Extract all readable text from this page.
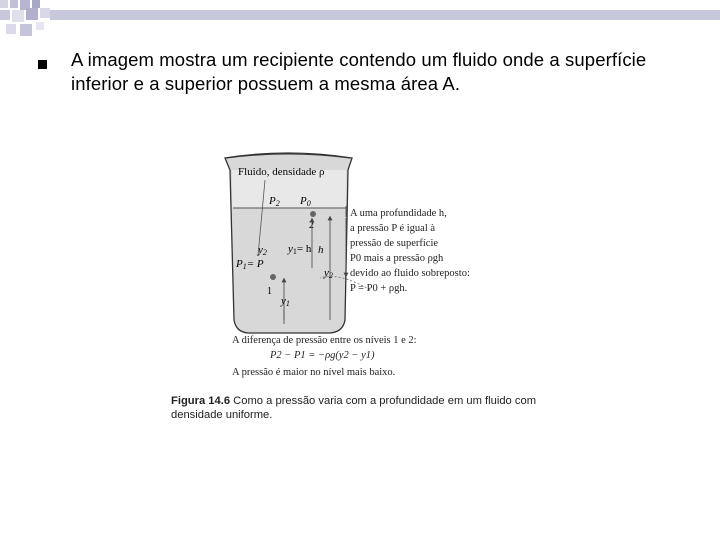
A imagem mostra um recipiente contendo um fluido onde a superfície inferior e a superior possuem a mesma área A.
Fluido, densidade ρ
P2 P0
2
h
y1= h
y2
P1= P
1
y1
y2
A uma profundidade h,
a pressão P é igual à
pressão de superfície
P0 mais a pressão ρgh
devido ao fluido sobreposto:
P = P0 + ρgh.
A diferença de pressão entre os níveis 1 e 2:
P2 − P1 = −ρg(y2 − y1)
A pressão é maior no nível mais baixo.
Figura 14.6 Como a pressão varia com a profundidade em um fluido com densidade uniforme.
